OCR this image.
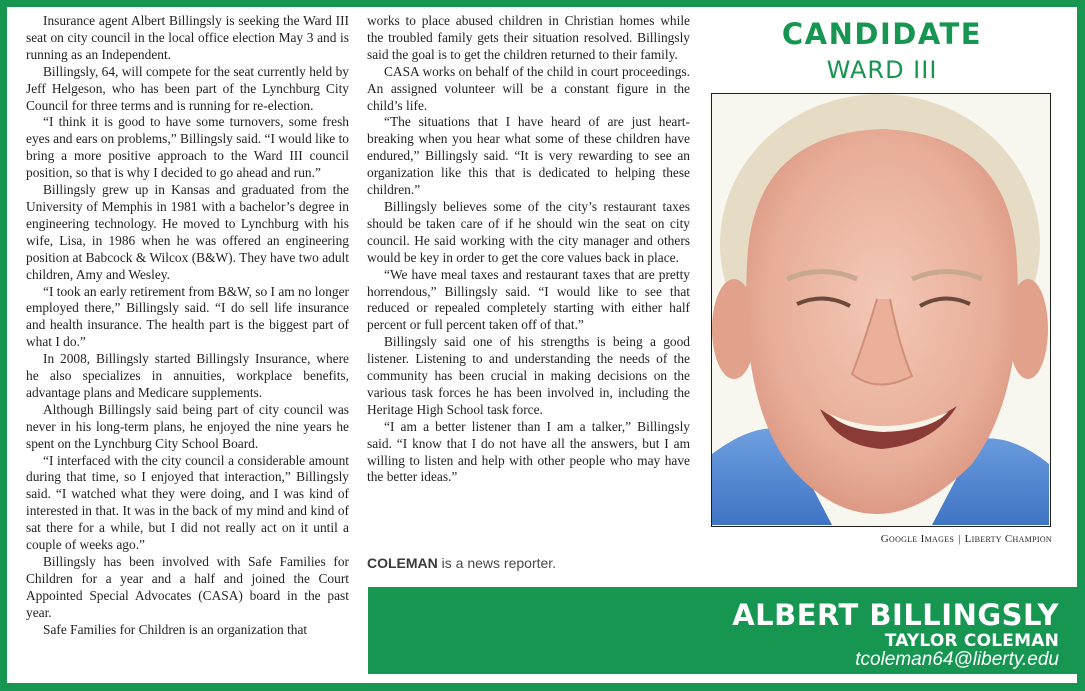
Insurance agent Albert Billingsly is seeking the Ward III seat on city council in the local office election May 3 and is running as an Independent.

Billingsly, 64, will compete for the seat currently held by Jeff Helgeson, who has been part of the Lynchburg City Council for three terms and is running for re-election.

“I think it is good to have some turnovers, some fresh eyes and ears on problems,” Billingsly said. “I would like to bring a more positive approach to the Ward III council position, so that is why I decided to go ahead and run.”

Billingsly grew up in Kansas and graduated from the University of Memphis in 1981 with a bachelor’s degree in engineering technology. He moved to Lynchburg with his wife, Lisa, in 1986 when he was offered an engineering position at Babcock & Wilcox (B&W). They have two adult children, Amy and Wesley.

“I took an early retirement from B&W, so I am no longer employed there,” Billingsly said. “I do sell life insurance and health insurance. The health part is the biggest part of what I do.”

In 2008, Billingsly started Billingsly Insurance, where he also specializes in annuities, workplace benefits, advantage plans and Medicare supplements.

Although Billingsly said being part of city council was never in his long-term plans, he enjoyed the nine years he spent on the Lynchburg City School Board.

“I interfaced with the city council a considerable amount during that time, so I enjoyed that interaction,” Billingsly said. “I watched what they were doing, and I was kind of interested in that. It was in the back of my mind and kind of sat there for a while, but I did not really act on it until a couple of weeks ago.”

Billingsly has been involved with Safe Families for Children for a year and a half and joined the Court Appointed Special Advocates (CASA) board in the past year.

Safe Families for Children is an organization that

works to place abused children in Christian homes while the troubled family gets their situation resolved. Billingsly said the goal is to get the children returned to their family.

CASA works on behalf of the child in court proceedings. An assigned volunteer will be a constant figure in the child’s life.

“The situations that I have heard of are just heartbreaking when you hear what some of these children have endured,” Billingsly said. “It is very rewarding to see an organization like this that is dedicated to helping these children.”

Billingsly believes some of the city’s restaurant taxes should be taken care of if he should win the seat on city council. He said working with the city manager and others would be key in order to get the core values back in place.

“We have meal taxes and restaurant taxes that are pretty horrendous,” Billingsly said. “I would like to see that reduced or repealed completely starting with either half percent or full percent taken off of that.”

Billingsly said one of his strengths is being a good listener. Listening to and understanding the needs of the community has been crucial in making decisions on the various task forces he has been involved in, including the Heritage High School task force.

“I am a better listener than I am a talker,” Billingsly said. “I know that I do not have all the answers, but I am willing to listen and help with other people who may have the better ideas.”

CANDIDATE
WARD III
Google Images | Liberty Champion
COLEMAN is a news reporter.
ALBERT BILLINGSLY
TAYLOR COLEMAN
tcoleman64@liberty.edu
